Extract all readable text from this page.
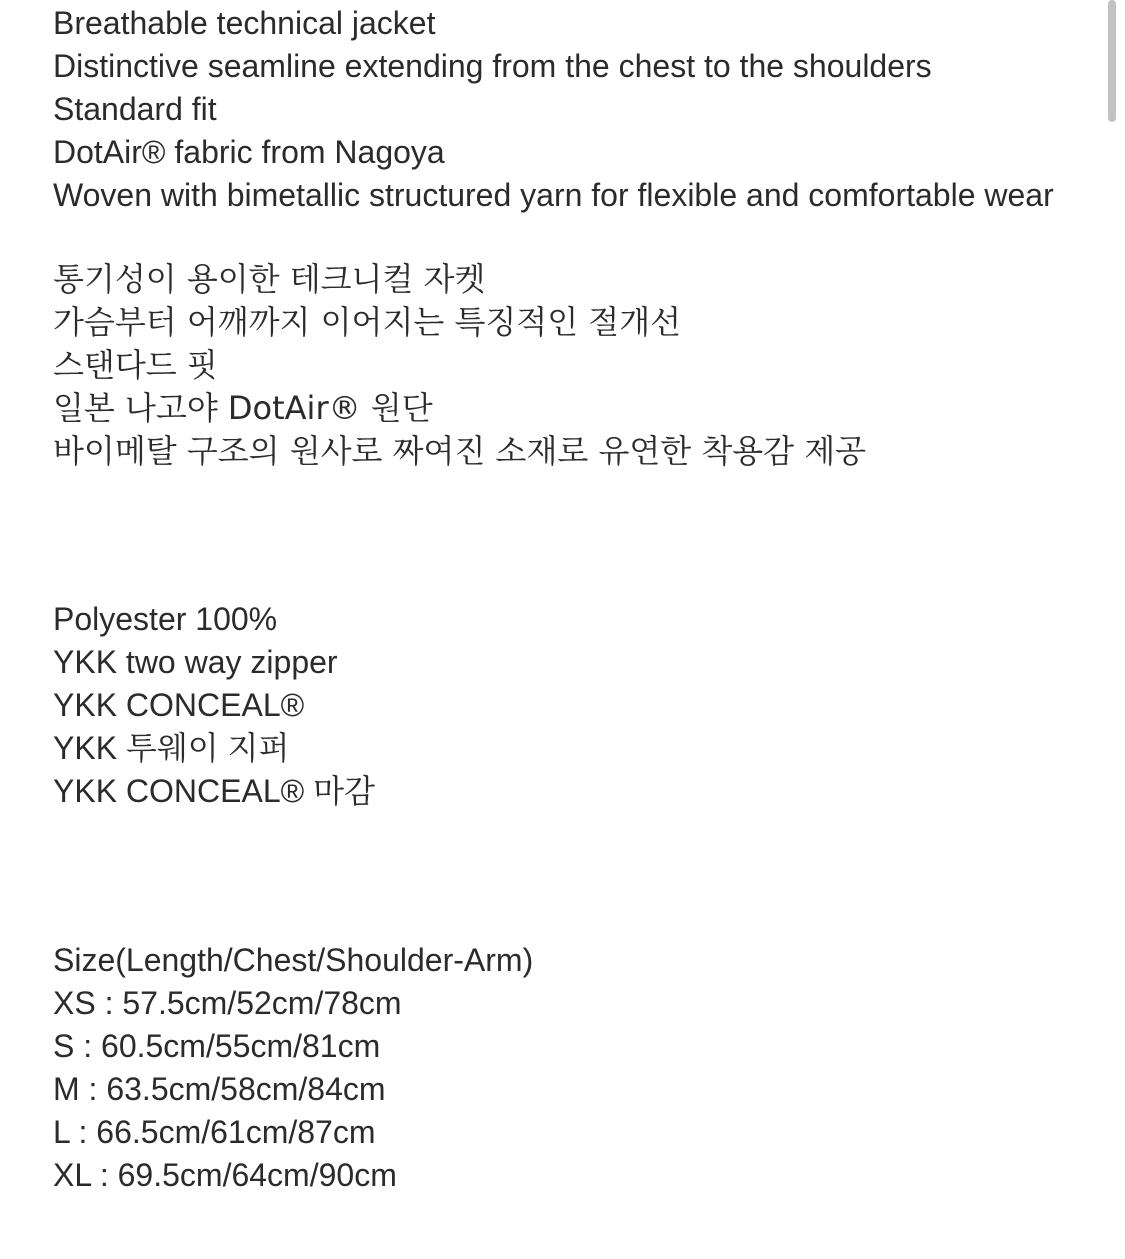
Breathable technical jacket
Distinctive seamline extending from the chest to the shoulders
Standard fit
DotAir® fabric from Nagoya
Woven with bimetallic structured yarn for flexible and comfortable wear
통기성이 용이한 테크니컬 자켓
가슴부터 어깨까지 이어지는 특징적인 절개선
스탠다드 핏
일본 나고야 DotAir® 원단
바이메탈 구조의 원사로 짜여진 소재로 유연한 착용감 제공
Polyester 100%
YKK two way zipper
YKK CONCEAL®
YKK 투웨이 지퍼
YKK CONCEAL® 마감
Size(Length/Chest/Shoulder-Arm)
XS : 57.5cm/52cm/78cm
S : 60.5cm/55cm/81cm
M : 63.5cm/58cm/84cm
L : 66.5cm/61cm/87cm
XL : 69.5cm/64cm/90cm
